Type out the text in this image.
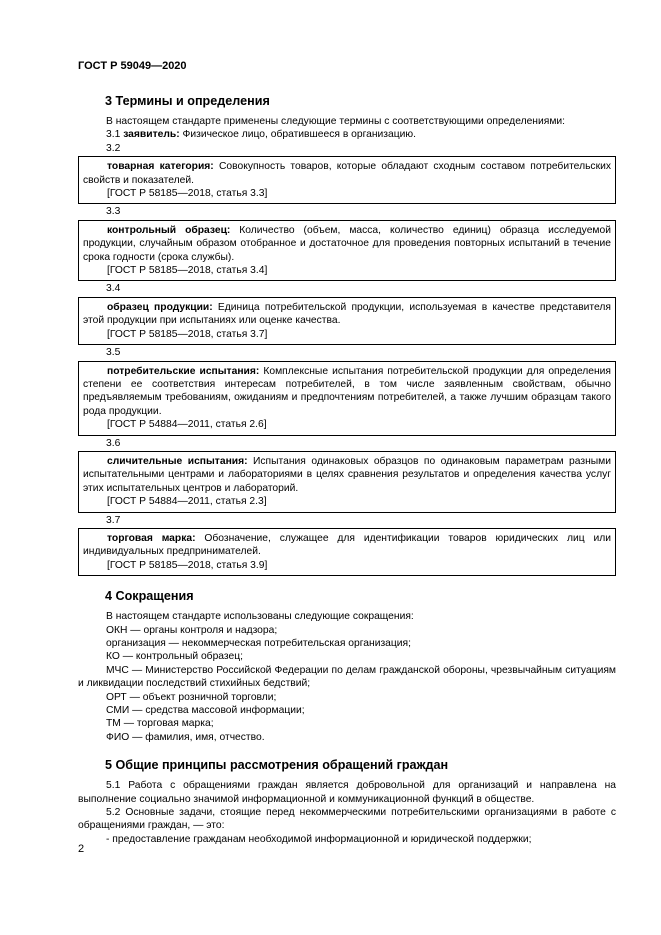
ГОСТ Р 59049—2020
3 Термины и определения

В настоящем стандарте применены следующие термины с соответствующими определениями:

3.1 заявитель: Физическое лицо, обратившееся в организацию.

3.2

товарная категория: Совокупность товаров, которые обладают сходным составом потребительских свойств и показателей.

[ГОСТ Р 58185—2018, статья 3.3]

3.3

контрольный образец: Количество (объем, масса, количество единиц) образца исследуемой продукции, случайным образом отобранное и достаточное для проведения повторных испытаний в течение срока годности (срока службы).

[ГОСТ Р 58185—2018, статья 3.4]

3.4

образец продукции: Единица потребительской продукции, используемая в качестве представителя этой продукции при испытаниях или оценке качества.

[ГОСТ Р 58185—2018, статья 3.7]

3.5

потребительские испытания: Комплексные испытания потребительской продукции для определения степени ее соответствия интересам потребителей, в том числе заявленным свойствам, обычно предъявляемым требованиям, ожиданиям и предпочтениям потребителей, а также лучшим образцам такого рода продукции.

[ГОСТ Р 54884—2011, статья 2.6]

3.6

сличительные испытания: Испытания одинаковых образцов по одинаковым параметрам разными испытательными центрами и лабораториями в целях сравнения результатов и определения качества услуг этих испытательных центров и лабораторий.

[ГОСТ Р 54884—2011, статья 2.3]

3.7

торговая марка: Обозначение, служащее для идентификации товаров юридических лиц или индивидуальных предпринимателей.

[ГОСТ Р 58185—2018, статья 3.9]

4 Сокращения

В настоящем стандарте использованы следующие сокращения:

ОКН — органы контроля и надзора;

организация — некоммерческая потребительская организация;

КО — контрольный образец;

МЧС — Министерство Российской Федерации по делам гражданской обороны, чрезвычайным ситуациям и ликвидации последствий стихийных бедствий;

ОРТ — объект розничной торговли;

СМИ — средства массовой информации;

ТМ — торговая марка;

ФИО — фамилия, имя, отчество.

5 Общие принципы рассмотрения обращений граждан

5.1 Работа с обращениями граждан является добровольной для организаций и направлена на выполнение социально значимой информационной и коммуникационной функций в обществе.

5.2 Основные задачи, стоящие перед некоммерческими потребительскими организациями в работе с обращениями граждан, — это:

- предоставление гражданам необходимой информационной и юридической поддержки;
2
